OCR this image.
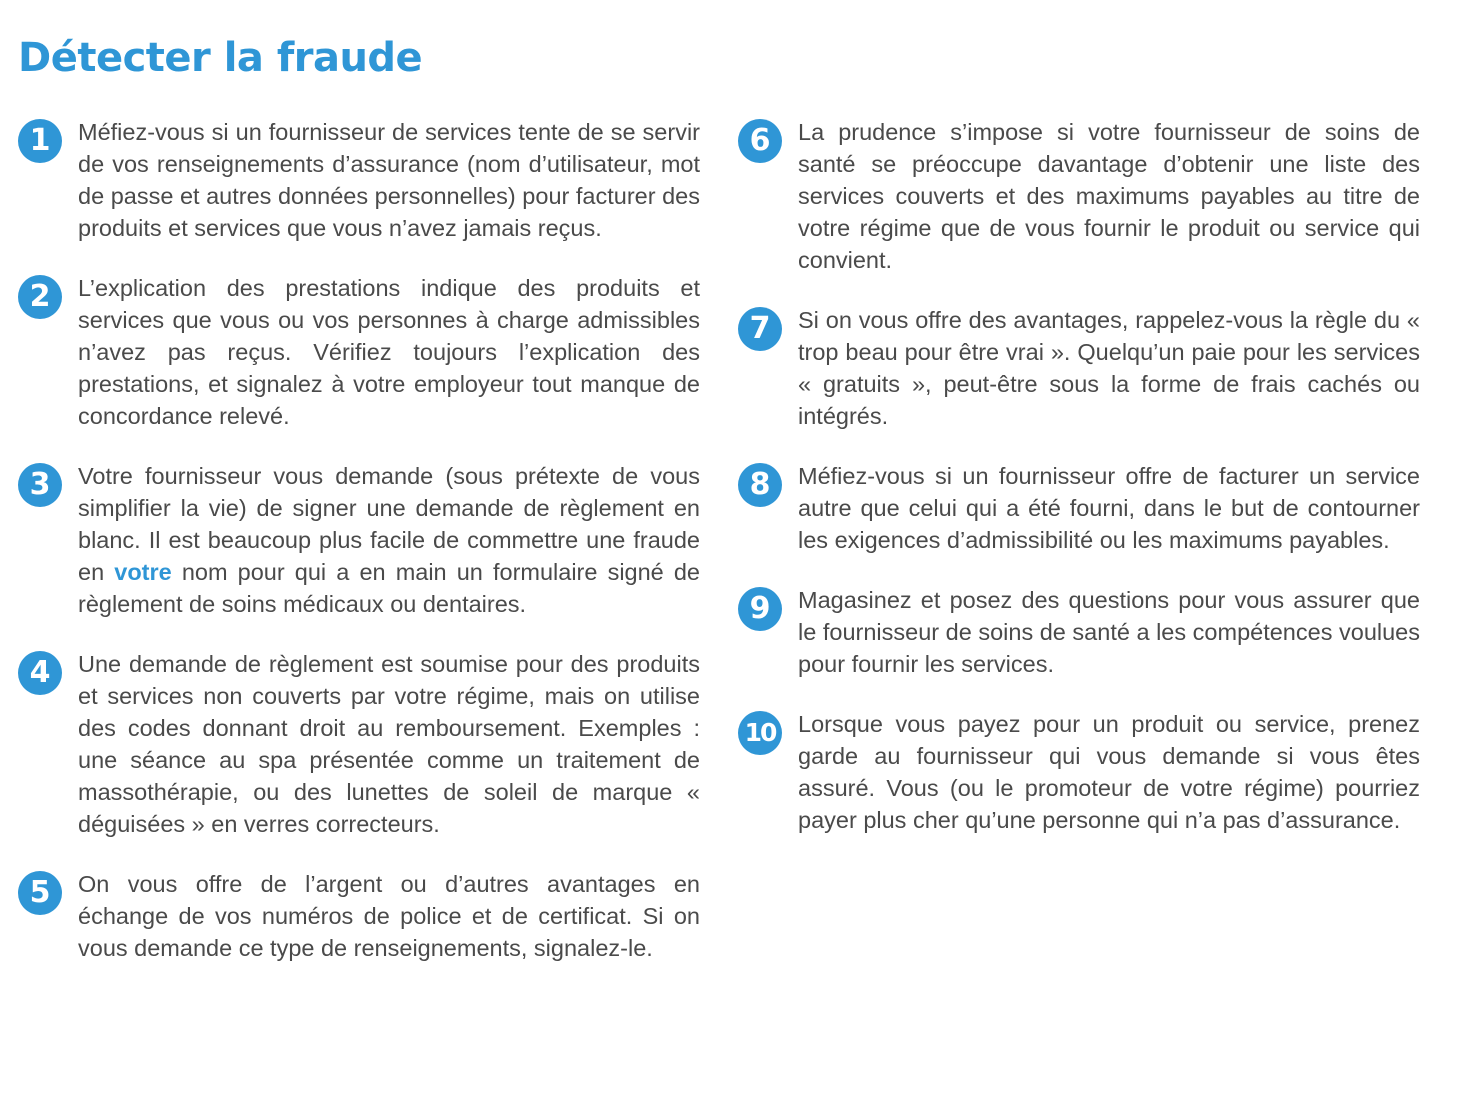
Détecter la fraude
1	Méfiez-vous si un fournisseur de services tente de se servir de vos renseignements d’assurance (nom d’utilisateur, mot de passe et autres données personnelles) pour facturer des produits et services que vous n’avez jamais reçus.

2	L’explication des prestations indique des produits et services que vous ou vos personnes à charge admissibles n’avez pas reçus. Vérifiez toujours l’explication des prestations, et signalez à votre employeur tout manque de concordance relevé.

3	Votre fournisseur vous demande (sous prétexte de vous simplifier la vie) de signer une demande de règlement en blanc. Il est beaucoup plus facile de commettre une fraude en votre nom pour qui a en main un formulaire signé de règlement de soins médicaux ou dentaires.

4	Une demande de règlement est soumise pour des produits et services non couverts par votre régime, mais on utilise des codes donnant droit au remboursement. Exemples : une séance au spa présentée comme un traitement de massothérapie, ou des lunettes de soleil de marque « déguisées » en verres correcteurs.

5	On vous offre de l’argent ou d’autres avantages en échange de vos numéros de police et de certificat. Si on vous demande ce type de renseignements, signalez-le.

6	La prudence s’impose si votre fournisseur de soins de santé se préoccupe davantage d’obtenir une liste des services couverts et des maximums payables au titre de votre régime que de vous fournir le produit ou service qui convient.

7	Si on vous offre des avantages, rappelez-vous la règle du « trop beau pour être vrai ». Quelqu’un paie pour les services « gratuits », peut-être sous la forme de frais cachés ou intégrés.

8	Méfiez-vous si un fournisseur offre de facturer un service autre que celui qui a été fourni, dans le but de contourner les exigences d’admissibilité ou les maximums payables.

9	Magasinez et posez des questions pour vous assurer que le fournisseur de soins de santé a les compétences voulues pour fournir les services.

10 Lorsque vous payez pour un produit ou service, prenez garde au fournisseur qui vous demande si vous êtes assuré. Vous (ou le promoteur de votre régime) pourriez payer plus cher qu’une personne qui n’a pas d’assurance.
